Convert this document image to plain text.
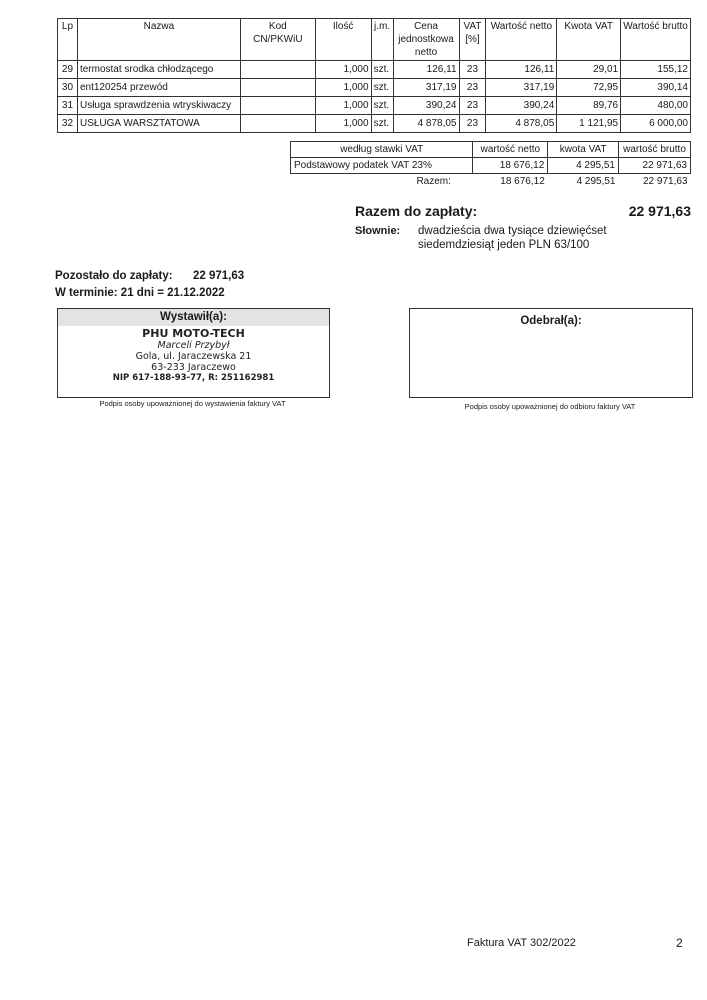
Lp	Nazwa	Kod CN/PKWiU	Ilość	j.m.	Cena jednostkowa netto	VAT [%]	Wartość netto	Kwota VAT	Wartość brutto
29	termostat srodka chłodzącego		1,000	szt.	126,11	23	126,11	29,01	155,12
30	ent120254 przewód		1,000	szt.	317,19	23	317,19	72,95	390,14
31	Usługa sprawdzenia wtryskiwaczy		1,000	szt.	390,24	23	390,24	89,76	480,00
32	USŁUGA WARSZTATOWA		1,000	szt.	4 878,05	23	4 878,05	1 121,95	6 000,00
według stawki VAT	wartość netto	kwota VAT	wartość brutto
Podstawowy podatek VAT 23%	18 676,12	4 295,51	22 971,63
Razem:	18 676,12	4 295,51	22 971,63
Razem do zapłaty:	22 971,63
Słownie: dwadzieścia dwa tysiące dziewięćset
siedemdziesiąt jeden PLN 63/100
Pozostało do zapłaty: 22 971,63
W terminie: 21 dni = 21.12.2022
Wystawił(a):
PHU MOTO-TECH
Marceli Przybył
Gola, ul. Jaraczewska 21
63-233 Jaraczewo
NIP 617-188-93-77, R: 251162981
Podpis osoby upoważnionej do wystawienia faktury VAT
Odebrał(a):
Podpis osoby upoważnionej do odbioru faktury VAT
Faktura VAT 302/2022	2
